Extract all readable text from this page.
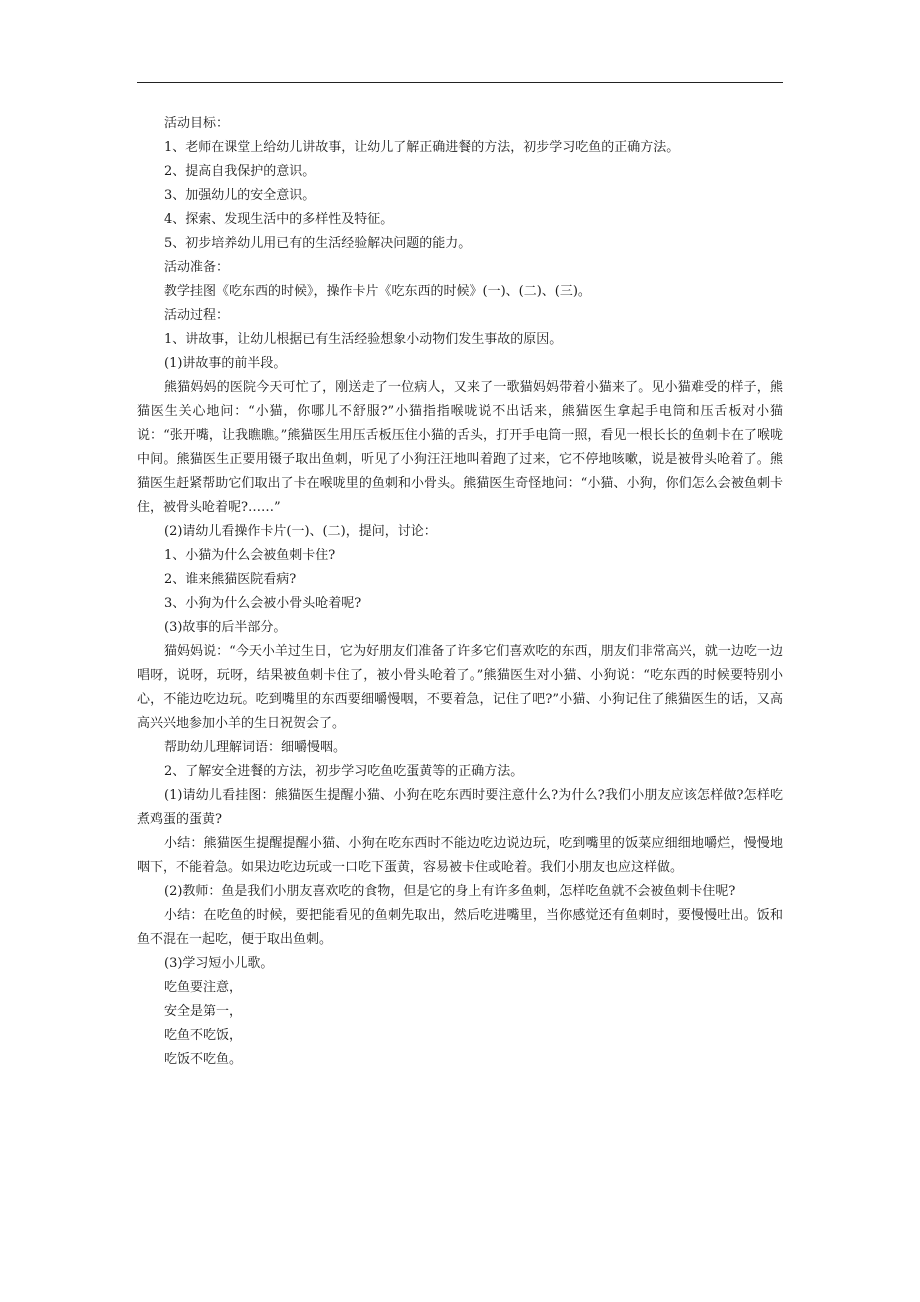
活动目标：

1、老师在课堂上给幼儿讲故事，让幼儿了解正确进餐的方法，初步学习吃鱼的正确方法。

2、提高自我保护的意识。

3、加强幼儿的安全意识。

4、探索、发现生活中的多样性及特征。

5、初步培养幼儿用已有的生活经验解决问题的能力。

活动准备：

教学挂图《吃东西的时候》，操作卡片《吃东西的时候》(一)、(二)、(三)。

活动过程：

1、讲故事，让幼儿根据已有生活经验想象小动物们发生事故的原因。

(1)讲故事的前半段。

熊猫妈妈的医院今天可忙了，刚送走了一位病人，又来了一歌猫妈妈带着小猫来了。见小猫难受的样子，熊猫医生关心地问：“小猫，你哪儿不舒服?”小猫指指喉咙说不出话来，熊猫医生拿起手电筒和压舌板对小猫说：“张开嘴，让我瞧瞧。”熊猫医生用压舌板压住小猫的舌头，打开手电筒一照，看见一根长长的鱼刺卡在了喉咙中间。熊猫医生正要用镊子取出鱼刺，听见了小狗汪汪地叫着跑了过来，它不停地咳嗽，说是被骨头呛着了。熊猫医生赶紧帮助它们取出了卡在喉咙里的鱼刺和小骨头。熊猫医生奇怪地问：“小猫、小狗，你们怎么会被鱼刺卡住，被骨头呛着呢?……”

(2)请幼儿看操作卡片(一)、(二)，提问，讨论：

1、小猫为什么会被鱼刺卡住?

2、谁来熊猫医院看病?

3、小狗为什么会被小骨头呛着呢?

(3)故事的后半部分。

猫妈妈说：“今天小羊过生日，它为好朋友们准备了许多它们喜欢吃的东西，朋友们非常高兴，就一边吃一边唱呀，说呀，玩呀，结果被鱼刺卡住了，被小骨头呛着了。”熊猫医生对小猫、小狗说：“吃东西的时候要特别小心，不能边吃边玩。吃到嘴里的东西要细嚼慢咽，不要着急，记住了吧?”小猫、小狗记住了熊猫医生的话，又高高兴兴地参加小羊的生日祝贺会了。

帮助幼儿理解词语：细嚼慢咽。

2、了解安全进餐的方法，初步学习吃鱼吃蛋黄等的正确方法。

(1)请幼儿看挂图：熊猫医生提醒小猫、小狗在吃东西时要注意什么?为什么?我们小朋友应该怎样做?怎样吃煮鸡蛋的蛋黄?

小结：熊猫医生提醒提醒小猫、小狗在吃东西时不能边吃边说边玩，吃到嘴里的饭菜应细细地嚼烂，慢慢地咽下，不能着急。如果边吃边玩或一口吃下蛋黄，容易被卡住或呛着。我们小朋友也应这样做。

(2)教师：鱼是我们小朋友喜欢吃的食物，但是它的身上有许多鱼刺，怎样吃鱼就不会被鱼刺卡住呢?

小结：在吃鱼的时候，要把能看见的鱼刺先取出，然后吃进嘴里，当你感觉还有鱼刺时，要慢慢吐出。饭和鱼不混在一起吃，便于取出鱼刺。

(3)学习短小儿歌。

吃鱼要注意，

安全是第一，

吃鱼不吃饭，

吃饭不吃鱼。
